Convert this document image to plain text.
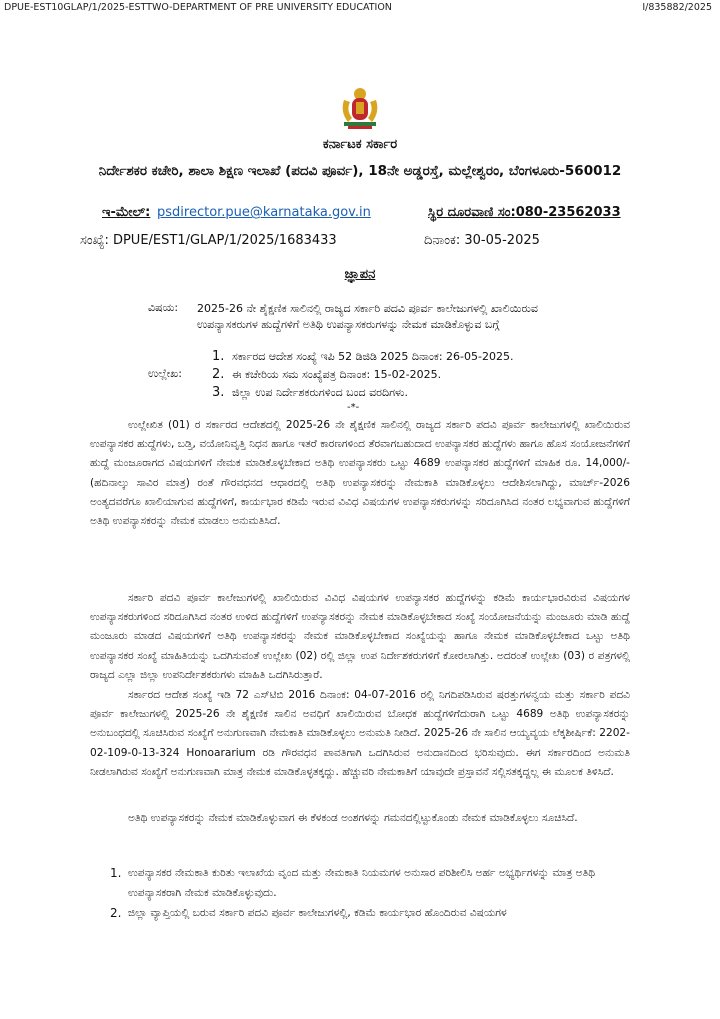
DPUE-EST10GLAP/1/2025-ESTTWO-DEPARTMENT OF PRE UNIVERSITY EDUCATION	I/835882/2025
ಕರ್ನಾಟಕ ಸರ್ಕಾರ
ನಿರ್ದೇಶಕರ ಕಚೇರಿ, ಶಾಲಾ ಶಿಕ್ಷಣ ಇಲಾಖೆ (ಪದವಿ ಪೂರ್ವ), 18ನೇ ಅಡ್ಡರಸ್ತೆ, ಮಲ್ಲೇಶ್ವರಂ, ಬೆಂಗಳೂರು-560012
ಇ-ಮೇಲ್: psdirector.pue@karnataka.gov.in	ಸ್ಥಿರ ದೂರವಾಣಿ ಸಂ:080-23562033
ಸಂಖ್ಯೆ: DPUE/EST1/GLAP/1/2025/1683433	ದಿನಾಂಕ: 30-05-2025
ಜ್ಞಾಪನ
ವಿಷಯ: 2025-26 ನೇ ಶೈಕ್ಷಣಿಕ ಸಾಲಿನಲ್ಲಿ ರಾಜ್ಯದ ಸರ್ಕಾರಿ ಪದವಿ ಪೂರ್ವ ಕಾಲೇಜುಗಳಲ್ಲಿ ಖಾಲಿಯಿರುವ ಉಪನ್ಯಾಸಕರುಗಳ ಹುದ್ದೆಗಳಿಗೆ ಅತಿಥಿ ಉಪನ್ಯಾಸಕರುಗಳನ್ನು ನೇಮಕ ಮಾಡಿಕೊಳ್ಳುವ ಬಗ್ಗೆ
ಉಲ್ಲೇಖ:
1. ಸರ್ಕಾರದ ಆದೇಶ ಸಂಖ್ಯೆ ಇಪಿ 52 ಡಿಜಿಡಿ 2025 ದಿನಾಂಕ: 26-05-2025.
2. ಈ ಕಚೇರಿಯ ಸಮ ಸಂಖ್ಯೆಪತ್ರ ದಿನಾಂಕ: 15-02-2025.
3. ಜಿಲ್ಲಾ ಉಪ ನಿರ್ದೇಶಕರುಗಳಿಂದ ಬಂದ ವರದಿಗಳು.
-*-
ಉಲ್ಲೇಖಿತ (01) ರ ಸರ್ಕಾರದ ಆದೇಶದಲ್ಲಿ 2025-26 ನೇ ಶೈಕ್ಷಣಿಕ ಸಾಲಿನಲ್ಲಿ ರಾಜ್ಯದ ಸರ್ಕಾರಿ ಪದವಿ ಪೂರ್ವ ಕಾಲೇಜುಗಳಲ್ಲಿ ಖಾಲಿಯಿರುವ ಉಪನ್ಯಾಸಕರ ಹುದ್ದೆಗಳು, ಬಡ್ತಿ, ವಯೋನಿವೃತ್ತಿ ನಿಧನ ಹಾಗೂ ಇತರೆ ಕಾರಣಗಳಿಂದ ತೆರವಾಗಬಹುದಾದ ಉಪನ್ಯಾಸಕರ ಹುದ್ದೆಗಳು ಹಾಗೂ ಹೊಸ ಸಂಯೋಜನೆಗಳಿಗೆ ಹುದ್ದೆ ಮಂಜೂರಾಗದ ವಿಷಯಗಳಿಗೆ ನೇಮಕ ಮಾಡಿಕೊಳ್ಳಬೇಕಾದ ಅತಿಥಿ ಉಪನ್ಯಾಸಕರು ಒಟ್ಟು 4689 ಉಪನ್ಯಾಸಕರ ಹುದ್ದೆಗಳಿಗೆ ಮಾಹಿಕ ರೂ. 14,000/- (ಹದಿನಾಲ್ಕು ಸಾವಿರ ಮಾತ್ರ) ರಂತೆ ಗೌರವಧನದ ಆಧಾರದಲ್ಲಿ ಅತಿಥಿ ಉಪನ್ಯಾಸಕರನ್ನು ನೇಮಕಾತಿ ಮಾಡಿಕೊಳ್ಳಲು ಆದೇಶಿಸಲಾಗಿದ್ದು, ಮಾರ್ಚ್-2026 ಅಂತ್ಯದವರೆಗೂ ಖಾಲಿಯಾಗುವ ಹುದ್ದೆಗಳಿಗೆ, ಕಾರ್ಯಭಾರ ಕಡಿಮೆ ಇರುವ ವಿವಿಧ ವಿಷಯಗಳ ಉಪನ್ಯಾಸಕರುಗಳನ್ನು ಸರಿದೂಗಿಸಿದ ನಂತರ ಲಭ್ಯವಾಗುವ ಹುದ್ದೆಗಳಿಗೆ ಅತಿಥಿ ಉಪನ್ಯಾಸಕರನ್ನು ನೇಮಕ ಮಾಡಲು ಅನುಮತಿಸಿದೆ.
ಸರ್ಕಾರಿ ಪದವಿ ಪೂರ್ವ ಕಾಲೇಜುಗಳಲ್ಲಿ ಖಾಲಿಯಿರುವ ವಿವಿಧ ವಿಷಯಗಳ ಉಪನ್ಯಾಸಕರ ಹುದ್ದೆಗಳನ್ನು ಕಡಿಮೆ ಕಾರ್ಯಭಾರವಿರುವ ವಿಷಯಗಳ ಉಪನ್ಯಾಸಕರುಗಳಿಂದ ಸರಿದೂಗಿಸಿದ ನಂತರ ಉಳಿದ ಹುದ್ದೆಗಳಿಗೆ ಉಪನ್ಯಾಸಕರನ್ನು ನೇಮಕ ಮಾಡಿಕೊಳ್ಳಬೇಕಾದ ಸಂಖ್ಯೆ ಸಂಯೋಜನೆಯನ್ನು ಮಂಜೂರು ಮಾಡಿ ಹುದ್ದೆ ಮಂಜೂರು ಮಾಡದ ವಿಷಯಗಳಿಗೆ ಅತಿಥಿ ಉಪನ್ಯಾಸಕರನ್ನು ನೇಮಕ ಮಾಡಿಕೊಳ್ಳಬೇಕಾದ ಸಂಖ್ಯೆಯನ್ನು ಹಾಗೂ ನೇಮಕ ಮಾಡಿಕೊಳ್ಳಬೇಕಾದ ಒಟ್ಟು ಅತಿಥಿ ಉಪನ್ಯಾಸಕರ ಸಂಖ್ಯೆ ಮಾಹಿತಿಯನ್ನು ಒದಗಿಸುವಂತೆ ಉಲ್ಲೇಖ (02) ರಲ್ಲಿ ಜಿಲ್ಲಾ ಉಪ ನಿರ್ದೇಶಕರುಗಳಿಗೆ ಕೋರಲಾಗಿತ್ತು. ಅದರಂತೆ ಉಲ್ಲೇಖ (03) ರ ಪತ್ರಗಳಲ್ಲಿ ರಾಜ್ಯದ ಎಲ್ಲಾ ಜಿಲ್ಲಾ ಉಪನಿರ್ದೇಶಕರುಗಳು ಮಾಹಿತಿ ಒದಗಿಸಿರುತ್ತಾರೆ.
ಸರ್ಕಾರದ ಆದೇಶ ಸಂಖ್ಯೆ ಇಡಿ 72 ಎಸ್‌ಟಿಬಿ 2016 ದಿನಾಂಕ: 04-07-2016 ರಲ್ಲಿ ನಿಗದಿಪಡಿಸಿರುವ ಷರತ್ತುಗಳನ್ವಯ ಮತ್ತು ಸರ್ಕಾರಿ ಪದವಿ ಪೂರ್ವ ಕಾಲೇಜುಗಳಲ್ಲಿ 2025-26 ನೇ ಶೈಕ್ಷಣಿಕ ಸಾಲಿನ ಅವಧಿಗೆ ಖಾಲಿಯಿರುವ ಬೋಧಕ ಹುದ್ದೆಗಳಿಗೆದುರಾಗಿ ಒಟ್ಟು 4689 ಅತಿಥಿ ಉಪನ್ಯಾಸಕರನ್ನು ಅನುಬಂಧದಲ್ಲಿ ಸೂಚಿಸಿರುವ ಸಂಖ್ಯೆಗೆ ಅನುಗುಣವಾಗಿ ನೇಮಕಾತಿ ಮಾಡಿಕೊಳ್ಳಲು ಅನುಮತಿ ನೀಡಿದೆ. 2025-26 ನೇ ಸಾಲಿನ ಆಯ್ಯವ್ಯಯ ಲೆಕ್ಕಶೀರ್ಷಿಕೆ: 2202-02-109-0-13-324 Honoararium ರಡಿ ಗೌರವಧನ ಪಾವತಿಗಾಗಿ ಒದಗಿಸಿರುವ ಅನುದಾನದಿಂದ ಭರಿಸುವುದು. ಈಗ ಸರ್ಕಾರದಿಂದ ಅನುಮತಿ ನೀಡಲಾಗಿರುವ ಸಂಖ್ಯೆಗೆ ಅನುಗುಣವಾಗಿ ಮಾತ್ರ ನೇಮಕ ಮಾಡಿಕೊಳ್ಳತಕ್ಕದ್ದು. ಹೆಚ್ಚುವರಿ ನೇಮಕಾತಿಗೆ ಯಾವುದೇ ಪ್ರಸ್ತಾವನೆ ಸಲ್ಲಿಸತಕ್ಕದ್ದಲ್ಲ ಈ ಮೂಲಕ ತಿಳಿಸಿದೆ.
ಅತಿಥಿ ಉಪನ್ಯಾಸಕರನ್ನು ನೇಮಕ ಮಾಡಿಕೊಳ್ಳುವಾಗ ಈ ಕೆಳಕಂಡ ಅಂಶಗಳನ್ನು ಗಮನದಲ್ಲಿಟ್ಟುಕೊಂಡು ನೇಮಕ ಮಾಡಿಕೊಳ್ಳಲು ಸೂಚಿಸಿದೆ.
1. ಉಪನ್ಯಾಸಕರ ನೇಮಕಾತಿ ಕುರಿತು ಇಲಾಖೆಯ ವೃಂದ ಮತ್ತು ನೇಮಕಾತಿ ನಿಯಮಗಳ ಅನುಸಾರ ಪರಿಶೀಲಿಸಿ ಅರ್ಹ ಅಭ್ಯರ್ಥಿಗಳನ್ನು ಮಾತ್ರ ಅತಿಥಿ ಉಪನ್ಯಾಸಕರಾಗಿ ನೇಮಕ ಮಾಡಿಕೊಳ್ಳುವುದು.
2. ಜಿಲ್ಲಾ ವ್ಯಾಪ್ತಿಯಲ್ಲಿ ಬರುವ ಸರ್ಕಾರಿ ಪದವಿ ಪೂರ್ವ ಕಾಲೇಜುಗಳಲ್ಲಿ, ಕಡಿಮೆ ಕಾರ್ಯಭಾರ ಹೊಂದಿರುವ ವಿಷಯಗಳ
